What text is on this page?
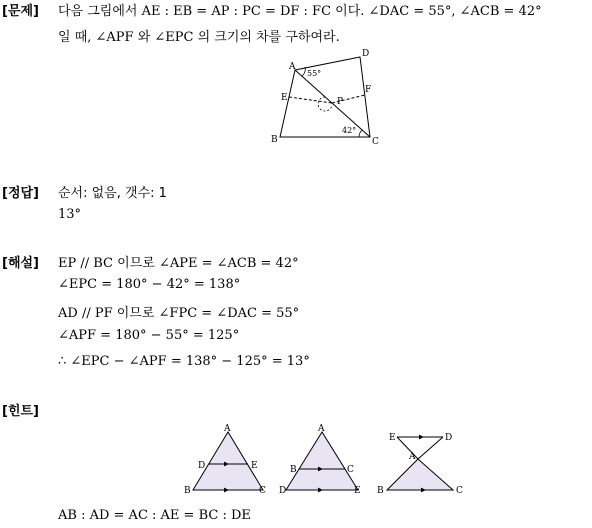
[문제] 다음 그림에서 AE : EB = AP : PC = DF : FC 이다. ∠DAC = 55°, ∠ACB = 42°
일 때, ∠APF 와 ∠EPC 의 크기의 차를 구하여라.
A
D
E
F
P
B	C
55°
42°
[정답] 순서: 없음, 갯수: 1
13°
[해설] EP // BC 이므로 ∠APE = ∠ACB = 42°
∠EPC = 180° − 42° = 138°
AD // PF 이므로 ∠FPC = ∠DAC = 55°
∠APF = 180° − 55° = 125°
∴ ∠EPC − ∠APF = 138° − 125° = 13°
[힌트]
A
D	E
B	C
A
B	C
D	E
E	D
A
B	C
AB : AD = AC : AE = BC : DE
